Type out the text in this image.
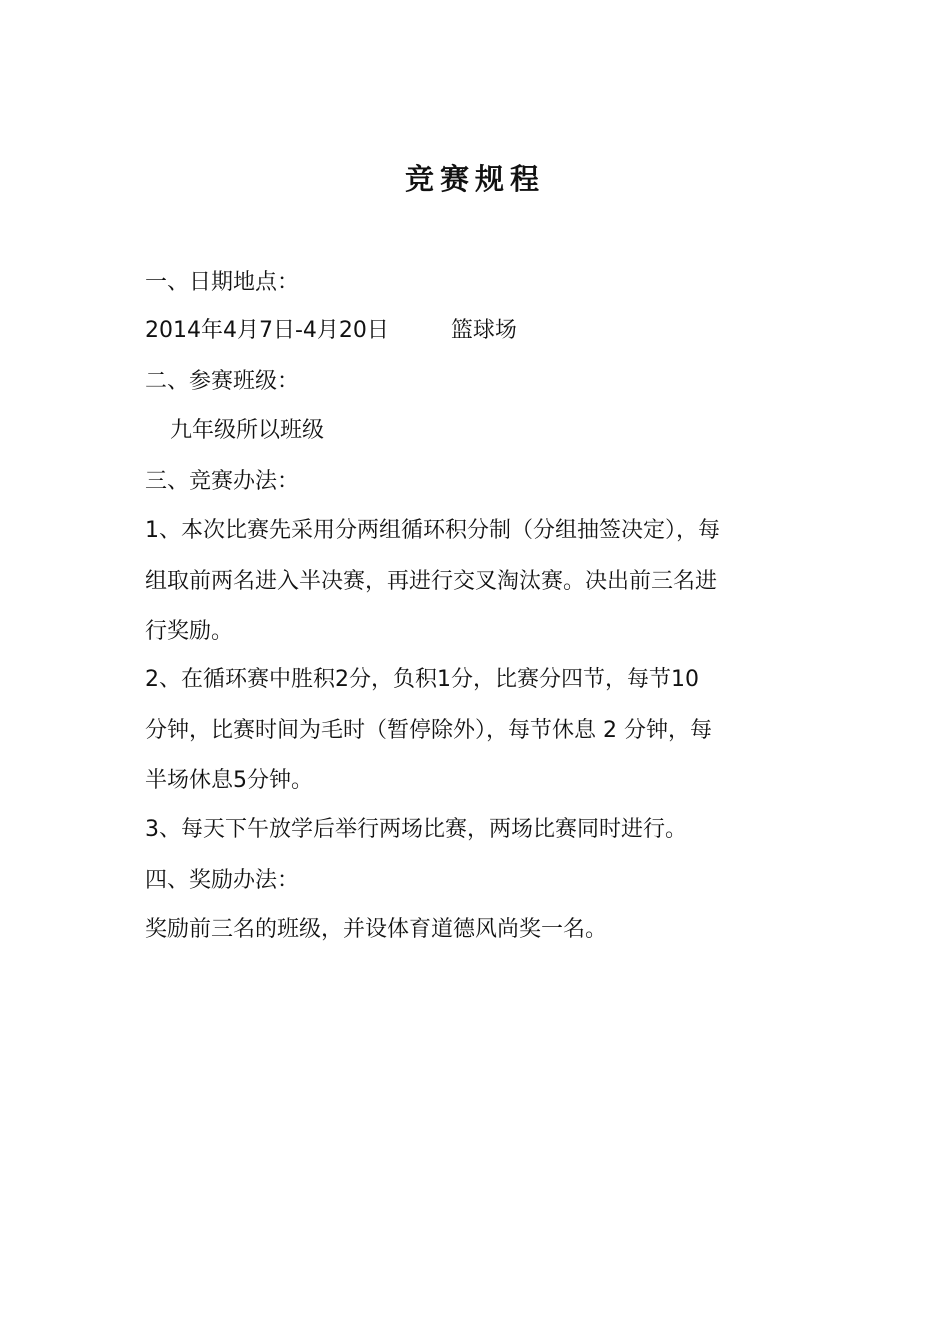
竞赛规程
一、日期地点：
2014年4月7日-4月20日	篮球场
二、参赛班级：
九年级所以班级
三、竞赛办法：
1、本次比赛先采用分两组循环积分制（分组抽签决定），每
组取前两名进入半决赛，再进行交叉淘汰赛。决出前三名进
行奖励。
2、在循环赛中胜积2分，负积1分，比赛分四节，每节10
分钟，比赛时间为毛时（暂停除外），每节休息 2 分钟，每
半场休息5分钟。
3、每天下午放学后举行两场比赛，两场比赛同时进行。
四、奖励办法：
奖励前三名的班级，并设体育道德风尚奖一名。
